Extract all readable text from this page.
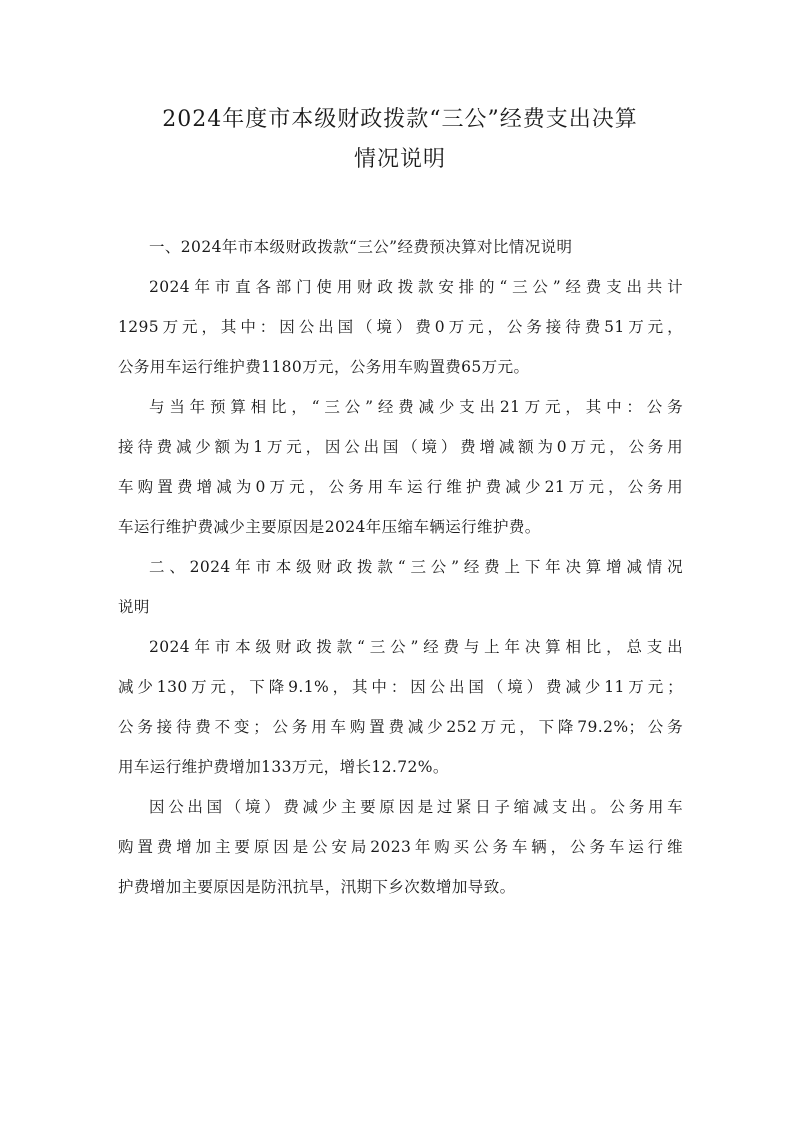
2024年度市本级财政拨款“三公”经费支出决算
情况说明

一、2024年市本级财政拨款“三公”经费预决算对比情况说明

2024年市直各部门使用财政拨款安排的“三公”经费支出共计
1295万元，其中：因公出国（境）费0万元，公务接待费51万元，
公务用车运行维护费1180万元，公务用车购置费65万元。

与当年预算相比，“三公”经费减少支出21万元，其中：公务
接待费减少额为1万元，因公出国（境）费增减额为0万元，公务用
车购置费增减为0万元，公务用车运行维护费减少21万元，公务用
车运行维护费减少主要原因是2024年压缩车辆运行维护费。

二、2024年市本级财政拨款“三公”经费上下年决算增减情况
说明

2024年市本级财政拨款“三公”经费与上年决算相比，总支出
减少130万元，下降9.1%，其中：因公出国（境）费减少11万元；
公务接待费不变；公务用车购置费减少252万元，下降79.2%；公务
用车运行维护费增加133万元，增长12.72%。

因公出国（境）费减少主要原因是过紧日子缩减支出。公务用车
购置费增加主要原因是公安局2023年购买公务车辆，公务车运行维
护费增加主要原因是防汛抗旱，汛期下乡次数增加导致。
